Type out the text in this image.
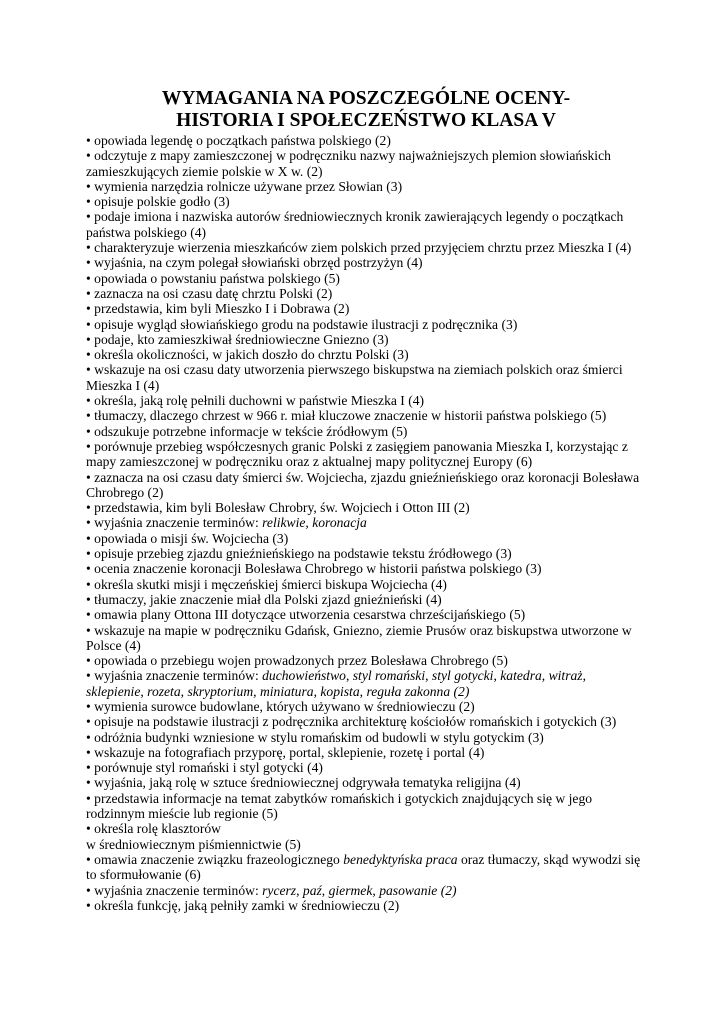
WYMAGANIA NA POSZCZEGÓLNE OCENY-
HISTORIA I SPOŁECZEŃSTWO KLASA V
• opowiada legendę o początkach państwa polskiego (2)
• odczytuje z mapy zamieszczonej w podręczniku nazwy najważniejszych plemion słowiańskich
zamieszkujących ziemie polskie w X w. (2)
• wymienia narzędzia rolnicze używane przez Słowian (3)
• opisuje polskie godło (3)
• podaje imiona i nazwiska autorów średniowiecznych kronik zawierających legendy o początkach
państwa polskiego (4)
• charakteryzuje wierzenia mieszkańców ziem polskich przed przyjęciem chrztu przez Mieszka I (4)
• wyjaśnia, na czym polegał słowiański obrzęd postrzyżyn (4)
• opowiada o powstaniu państwa polskiego (5)
• zaznacza na osi czasu datę chrztu Polski (2)
• przedstawia, kim byli Mieszko I i Dobrawa (2)
• opisuje wygląd słowiańskiego grodu na podstawie ilustracji z podręcznika (3)
• podaje, kto zamieszkiwał średniowieczne Gniezno (3)
• określa okoliczności, w jakich doszło do chrztu Polski (3)
• wskazuje na osi czasu daty utworzenia pierwszego biskupstwa na ziemiach polskich oraz śmierci
Mieszka I (4)
• określa, jaką rolę pełnili duchowni w państwie Mieszka I (4)
• tłumaczy, dlaczego chrzest w 966 r. miał kluczowe znaczenie w historii państwa polskiego (5)
• odszukuje potrzebne informacje w tekście źródłowym (5)
• porównuje przebieg współczesnych granic Polski z zasięgiem panowania Mieszka I, korzystając z
mapy zamieszczonej w podręczniku oraz z aktualnej mapy politycznej Europy (6)
• zaznacza na osi czasu daty śmierci św. Wojciecha, zjazdu gnieźnieńskiego oraz koronacji Bolesława
Chrobrego (2)
• przedstawia, kim byli Bolesław Chrobry, św. Wojciech i Otton III (2)
• wyjaśnia znaczenie terminów: relikwie, koronacja
• opowiada o misji św. Wojciecha (3)
• opisuje przebieg zjazdu gnieźnieńskiego na podstawie tekstu źródłowego (3)
• ocenia znaczenie koronacji Bolesława Chrobrego w historii państwa polskiego (3)
• określa skutki misji i męczeńskiej śmierci biskupa Wojciecha (4)
• tłumaczy, jakie znaczenie miał dla Polski zjazd gnieźnieński (4)
• omawia plany Ottona III dotyczące utworzenia cesarstwa chrześcijańskiego (5)
• wskazuje na mapie w podręczniku Gdańsk, Gniezno, ziemie Prusów oraz biskupstwa utworzone w
Polsce (4)
• opowiada o przebiegu wojen prowadzonych przez Bolesława Chrobrego (5)
• wyjaśnia znaczenie terminów: duchowieństwo, styl romański, styl gotycki, katedra, witraż,
sklepienie, rozeta, skryptorium, miniatura, kopista, reguła zakonna (2)
• wymienia surowce budowlane, których używano w średniowieczu (2)
• opisuje na podstawie ilustracji z podręcznika architekturę kościołów romańskich i gotyckich (3)
• odróżnia budynki wzniesione w stylu romańskim od budowli w stylu gotyckim (3)
• wskazuje na fotografiach przyporę, portal, sklepienie, rozetę i portal (4)
• porównuje styl romański i styl gotycki (4)
• wyjaśnia, jaką rolę w sztuce średniowiecznej odgrywała tematyka religijna (4)
• przedstawia informacje na temat zabytków romańskich i gotyckich znajdujących się w jego
rodzinnym mieście lub regionie (5)
• określa rolę klasztorów
w średniowiecznym piśmiennictwie (5)
• omawia znaczenie związku frazeologicznego benedyktyńska praca oraz tłumaczy, skąd wywodzi się
to sformułowanie (6)
• wyjaśnia znaczenie terminów: rycerz, paź, giermek, pasowanie (2)
• określa funkcję, jaką pełniły zamki w średniowieczu (2)
